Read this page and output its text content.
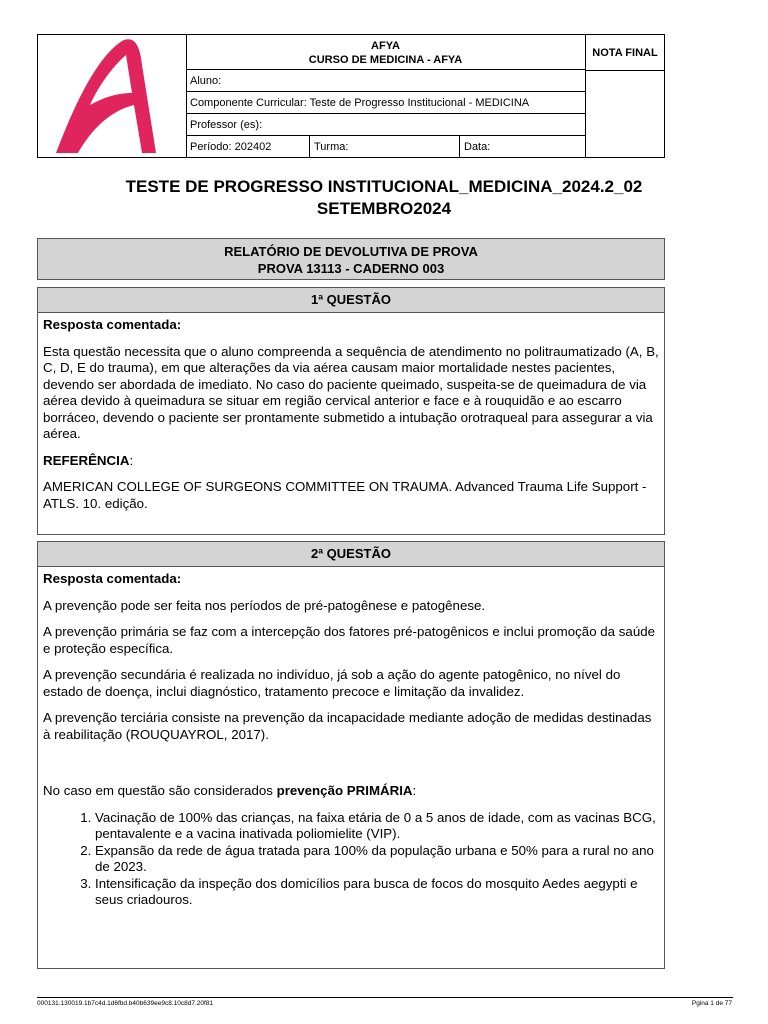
AFYA
CURSO DE MEDICINA - AFYA
Aluno:
Componente Curricular: Teste de Progresso Institucional - MEDICINA
Professor (es):
Período: 202402	Turma:	Data:
NOTA FINAL
TESTE DE PROGRESSO INSTITUCIONAL_MEDICINA_2024.2_02
SETEMBRO2024
RELATÓRIO DE DEVOLUTIVA DE PROVA
PROVA 13113 - CADERNO 003
1ª QUESTÃO

Resposta comentada:

Esta questão necessita que o aluno compreenda a sequência de atendimento no politraumatizado (A, B, C, D, E do trauma), em que alterações da via aérea causam maior mortalidade nestes pacientes, devendo ser abordada de imediato. No caso do paciente queimado, suspeita-se de queimadura de via aérea devido à queimadura se situar em região cervical anterior e face e à rouquidão e ao escarro borráceo, devendo o paciente ser prontamente submetido a intubação orotraqueal para assegurar a via aérea.

REFERÊNCIA:

AMERICAN COLLEGE OF SURGEONS COMMITTEE ON TRAUMA. Advanced Trauma Life Support - ATLS. 10. edição.

2ª QUESTÃO

Resposta comentada:

A prevenção pode ser feita nos períodos de pré-patogênese e patogênese.

A prevenção primária se faz com a intercepção dos fatores pré-patogênicos e inclui promoção da saúde e proteção específica.

A prevenção secundária é realizada no indivíduo, já sob a ação do agente patogênico, no nível do estado de doença, inclui diagnóstico, tratamento precoce e limitação da invalidez.

A prevenção terciária consiste na prevenção da incapacidade mediante adoção de medidas destinadas à reabilitação (ROUQUAYROL, 2017).

No caso em questão são considerados prevenção PRIMÁRIA:

1. Vacinação de 100% das crianças, na faixa etária de 0 a 5 anos de idade, com as vacinas BCG, pentavalente e a vacina inativada poliomielite (VIP).
2. Expansão da rede de água tratada para 100% da população urbana e 50% para a rural no ano de 2023.
3. Intensificação da inspeção dos domicílios para busca de focos do mosquito Aedes aegypti e seus criadouros.
000131.130019.1b7c4d.1d6fbd.b40b639ee9c8.10c8d7.20f81	Pgina 1 de 77
